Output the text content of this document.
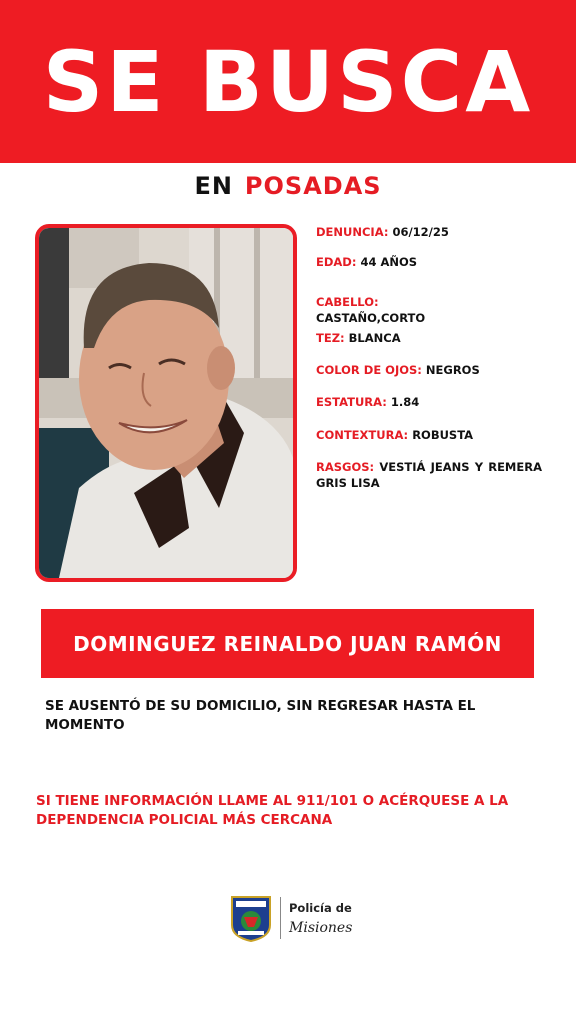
SE BUSCA
EN POSADAS
DENUNCIA: 06/12/25
EDAD: 44 AÑOS
CABELLO:
CASTAÑO,CORTO
TEZ: BLANCA
COLOR DE OJOS: NEGROS
ESTATURA: 1.84
CONTEXTURA: ROBUSTA
RASGOS: VESTIÁ JEANS Y REMERA GRIS LISA
DOMINGUEZ REINALDO JUAN RAMÓN
SE AUSENTÓ DE SU DOMICILIO, SIN REGRESAR HASTA EL MOMENTO
SI TIENE INFORMACIÓN LLAME AL 911/101 O ACÉRQUESE A LA DEPENDENCIA POLICIAL MÁS CERCANA
Policía de
Misiones
